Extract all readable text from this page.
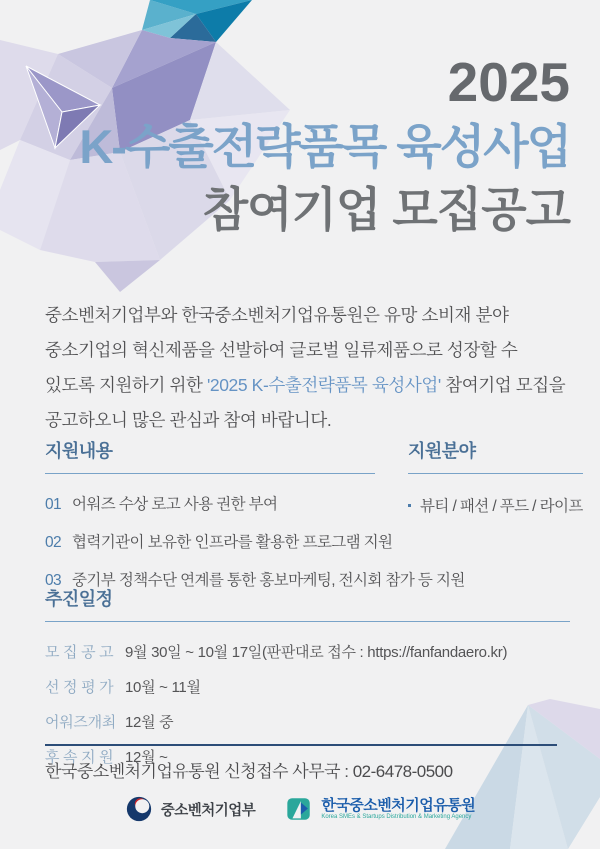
2025
K-수출전략품목 육성사업
참여기업 모집공고

중소벤처기업부와 한국중소벤처기업유통원은 유망 소비재 분야 중소기업의 혁신제품을 선발하여 글로벌 일류제품으로 성장할 수 있도록 지원하기 위한 '2025 K-수출전략품목 육성사업' 참여기업 모집을 공고하오니 많은 관심과 참여 바랍니다.

지원내용
01 어워즈 수상 로고 사용 권한 부여
02 협력기관이 보유한 인프라를 활용한 프로그램 지원
03 중기부 정책수단 연계를 통한 홍보마케팅, 전시회 참가 등 지원
지원분야
뷰티 / 패션 / 푸드 / 라이프
추진일정
모 집 공 고 9월 30일 ~ 10월 17일(판판대로 접수 : https://fanfandaero.kr)
선 정 평 가 10월 ~ 11월
어워즈개최 12월 중
후 속 지 원 12월 ~
한국중소벤처기업유통원 신청접수 사무국 : 02-6478-0500
중소벤처기업부	한국중소벤처기업유통원
Korea SMEs & Startups Distribution & Marketing Agency
